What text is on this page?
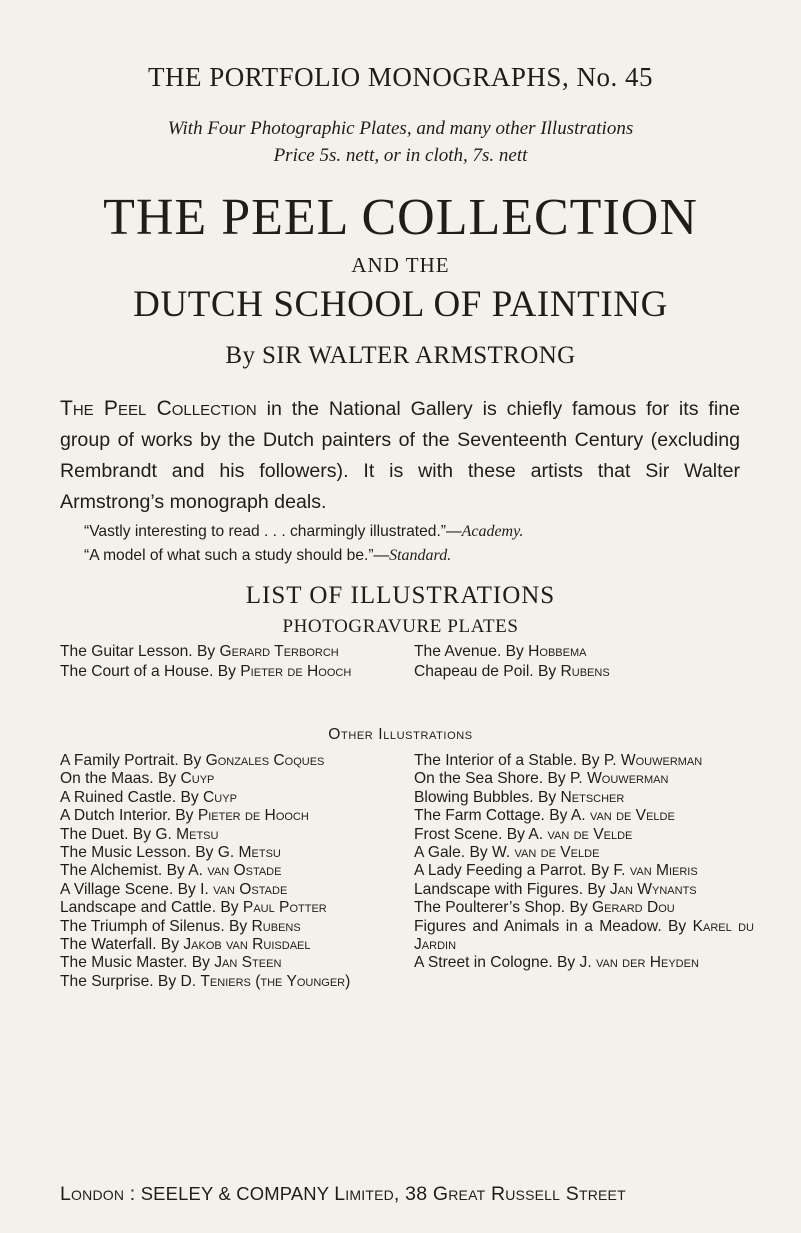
THE PORTFOLIO MONOGRAPHS, No. 45
With Four Photographic Plates, and many other Illustrations
Price 5s. nett, or in cloth, 7s. nett
THE PEEL COLLECTION
AND THE
DUTCH SCHOOL OF PAINTING
By SIR WALTER ARMSTRONG
The Peel Collection in the National Gallery is chiefly famous for its fine group of works by the Dutch painters of the Seventeenth Century (excluding Rembrandt and his followers). It is with these artists that Sir Walter Armstrong’s monograph deals.
“Vastly interesting to read . . . charmingly illustrated.”—Academy.
“A model of what such a study should be.”—Standard.
LIST OF ILLUSTRATIONS
PHOTOGRAVURE PLATES

The Guitar Lesson. By Gerard Terborch

The Court of a House. By Pieter de Hooch

The Avenue. By Hobbema

Chapeau de Poil. By Rubens

Other Illustrations

A Family Portrait. By Gonzales Coques

On the Maas. By Cuyp

A Ruined Castle. By Cuyp

A Dutch Interior. By Pieter de Hooch

The Duet. By G. Metsu

The Music Lesson. By G. Metsu

The Alchemist. By A. van Ostade

A Village Scene. By I. van Ostade

Landscape and Cattle. By Paul Potter

The Triumph of Silenus. By Rubens

The Waterfall. By Jakob van Ruisdael

The Music Master. By Jan Steen

The Surprise. By D. Teniers (the Younger)

The Interior of a Stable. By P. Wouwerman

On the Sea Shore. By P. Wouwerman

Blowing Bubbles. By Netscher

The Farm Cottage. By A. van de Velde

Frost Scene. By A. van de Velde

A Gale. By W. van de Velde

A Lady Feeding a Parrot. By F. van Mieris

Landscape with Figures. By Jan Wynants

The Poulterer’s Shop. By Gerard Dou

Figures and Animals in a Meadow. By Karel du Jardin

A Street in Cologne. By J. van der Heyden

London : SEELEY & COMPANY Limited, 38 Great Russell Street
